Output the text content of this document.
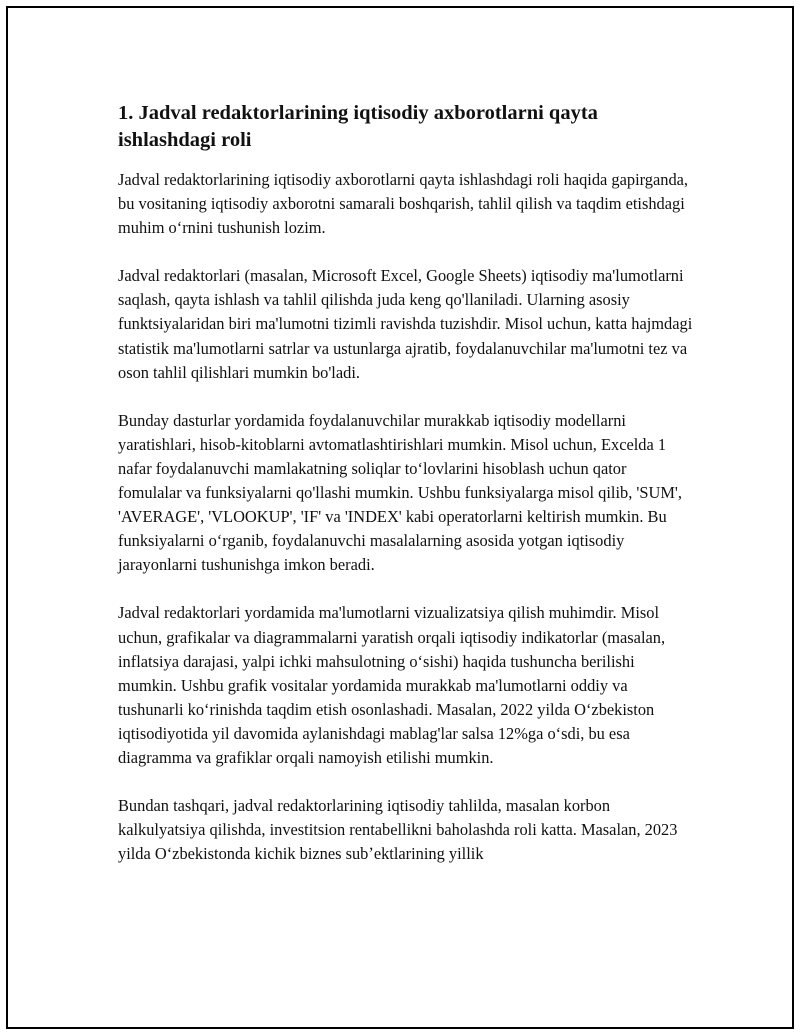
1. Jadval redaktorlarining iqtisodiy axborotlarni qayta ishlashdagi roli

Jadval redaktorlarining iqtisodiy axborotlarni qayta ishlashdagi roli haqida gapirganda, bu vositaning iqtisodiy axborotni samarali boshqarish, tahlil qilish va taqdim etishdagi muhim oʻrnini tushunish lozim.

Jadval redaktorlari (masalan, Microsoft Excel, Google Sheets) iqtisodiy ma'lumotlarni saqlash, qayta ishlash va tahlil qilishda juda keng qo'llaniladi. Ularning asosiy funktsiyalaridan biri ma'lumotni tizimli ravishda tuzishdir. Misol uchun, katta hajmdagi statistik ma'lumotlarni satrlar va ustunlarga ajratib, foydalanuvchilar ma'lumotni tez va oson tahlil qilishlari mumkin bo'ladi.

Bunday dasturlar yordamida foydalanuvchilar murakkab iqtisodiy modellarni yaratishlari, hisob-kitoblarni avtomatlashtirishlari mumkin. Misol uchun, Excelda 1 nafar foydalanuvchi mamlakatning soliqlar toʻlovlarini hisoblash uchun qator fomulalar va funksiyalarni qo'llashi mumkin. Ushbu funksiyalarga misol qilib, 'SUM', 'AVERAGE', 'VLOOKUP', 'IF' va 'INDEX' kabi operatorlarni keltirish mumkin. Bu funksiyalarni oʻrganib, foydalanuvchi masalalarning asosida yotgan iqtisodiy jarayonlarni tushunishga imkon beradi.

Jadval redaktorlari yordamida ma'lumotlarni vizualizatsiya qilish muhimdir. Misol uchun, grafikalar va diagrammalarni yaratish orqali iqtisodiy indikatorlar (masalan, inflatsiya darajasi, yalpi ichki mahsulotning oʻsishi) haqida tushuncha berilishi mumkin. Ushbu grafik vositalar yordamida murakkab ma'lumotlarni oddiy va tushunarli koʻrinishda taqdim etish osonlashadi. Masalan, 2022 yilda Oʻzbekiston iqtisodiyotida yil davomida aylanishdagi mablag'lar salsa 12%ga oʻsdi, bu esa diagramma va grafiklar orqali namoyish etilishi mumkin.

Bundan tashqari, jadval redaktorlarining iqtisodiy tahlilda, masalan korbon kalkulyatsiya qilishda, investitsion rentabellikni baholashda roli katta. Masalan, 2023 yilda Oʻzbekistonda kichik biznes subʼektlarining yillik
